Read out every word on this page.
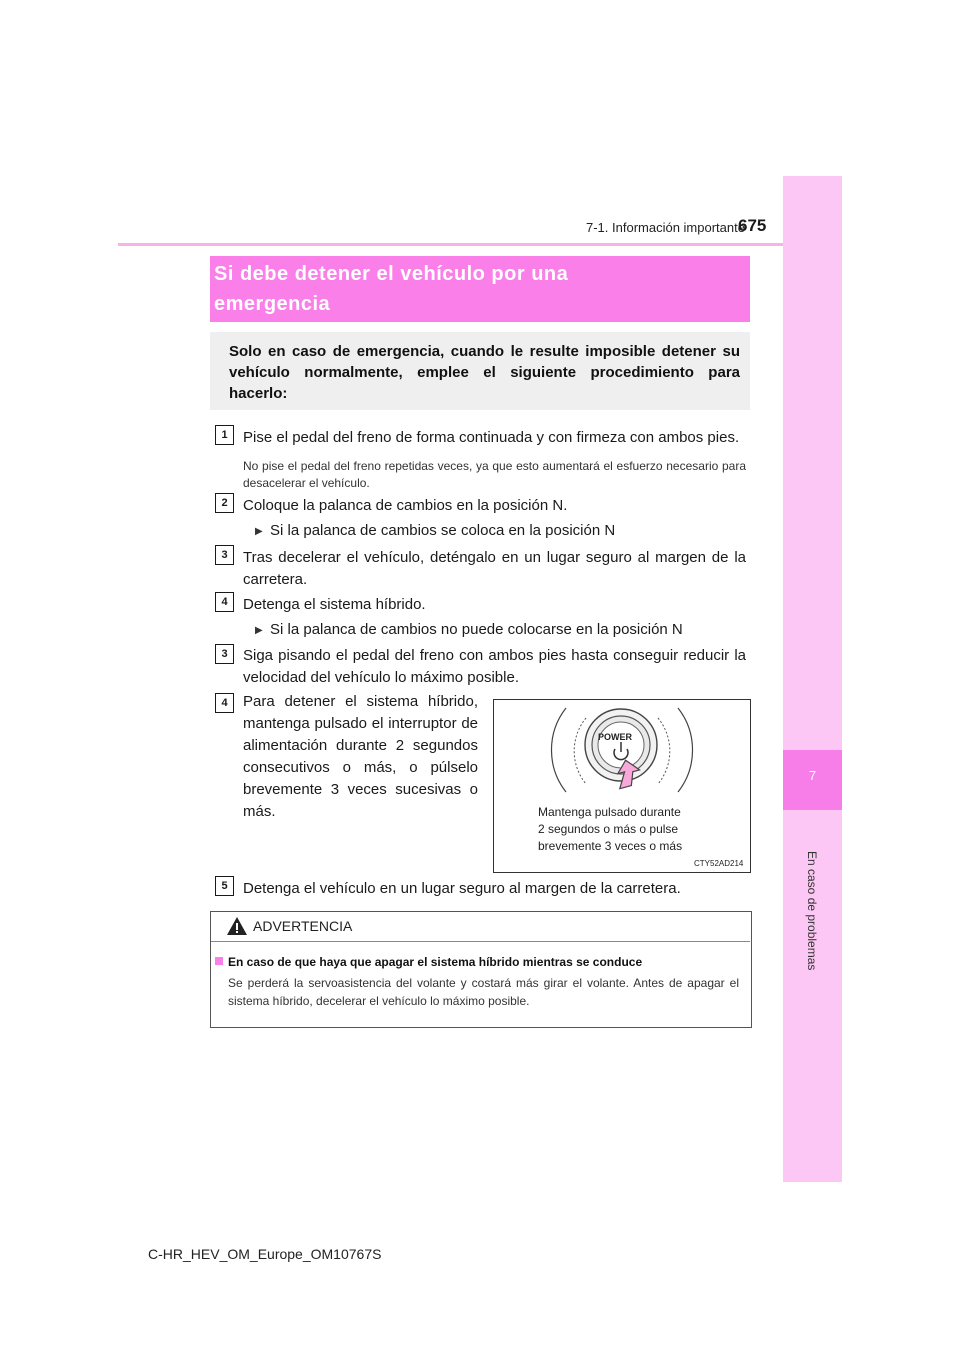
7-1. Información importante
675
7
En caso de problemas
Si debe detener el vehículo por una
emergencia
Solo en caso de emergencia, cuando le resulte imposible detener su vehículo normalmente, emplee el siguiente procedimiento para hacerlo:
1	Pise el pedal del freno de forma continuada y con firmeza con ambos pies.
No pise el pedal del freno repetidas veces, ya que esto aumentará el esfuerzo necesario para desacelerar el vehículo.
2	Coloque la palanca de cambios en la posición N.
▶ Si la palanca de cambios se coloca en la posición N
3	Tras decelerar el vehículo, deténgalo en un lugar seguro al margen de la carretera.
4	Detenga el sistema híbrido.
▶ Si la palanca de cambios no puede colocarse en la posición N
3	Siga pisando el pedal del freno con ambos pies hasta conseguir reducir la velocidad del vehículo lo máximo posible.
4	Para detener el sistema híbrido, mantenga pulsado el interruptor de alimentación durante 2 segundos consecutivos o más, o púlselo brevemente 3 veces sucesivas o más.
POWER
Mantenga pulsado durante
2 segundos o más o pulse
brevemente 3 veces o más
CTY52AD214
5	Detenga el vehículo en un lugar seguro al margen de la carretera.
ADVERTENCIA
En caso de que haya que apagar el sistema híbrido mientras se conduce
Se perderá la servoasistencia del volante y costará más girar el volante. Antes de apagar el sistema híbrido, decelerar el vehículo lo máximo posible.
C-HR_HEV_OM_Europe_OM10767S
